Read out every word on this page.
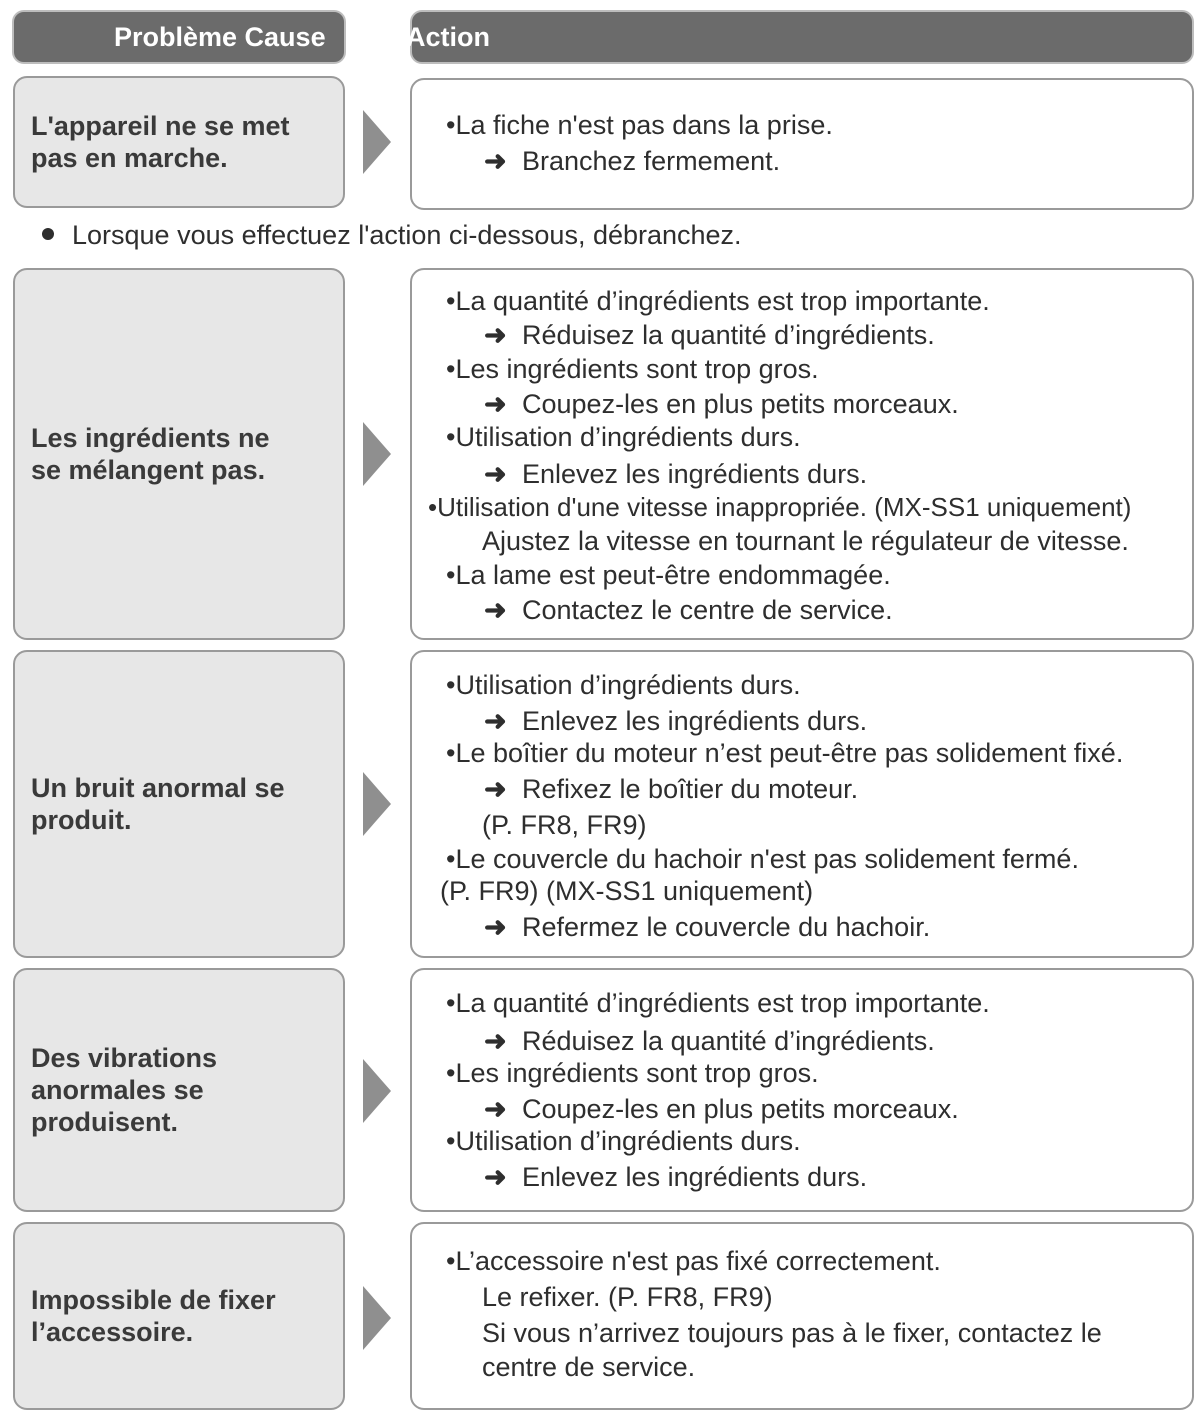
Problème Cause	Action
L'appareil ne se met
pas en marche.
•La fiche n'est pas dans la prise.
➜ Branchez fermement.
Lorsque vous effectuez l'action ci-dessous, débranchez.
Les ingrédients ne
se mélangent pas.
•La quantité d’ingrédients est trop importante.
➜ Réduisez la quantité d’ingrédients.
•Les ingrédients sont trop gros.
➜ Coupez-les en plus petits morceaux.
•Utilisation d’ingrédients durs.
➜ Enlevez les ingrédients durs.
•Utilisation d'une vitesse inappropriée. (MX-SS1 uniquement)
Ajustez la vitesse en tournant le régulateur de vitesse.
•La lame est peut-être endommagée.
➜ Contactez le centre de service.
Un bruit anormal se
produit.
•Utilisation d’ingrédients durs.
➜ Enlevez les ingrédients durs.
•Le boîtier du moteur n’est peut-être pas solidement fixé.
➜ Refixez le boîtier du moteur.
(P. FR8, FR9)
•Le couvercle du hachoir n'est pas solidement fermé.
(P. FR9) (MX-SS1 uniquement)
➜ Refermez le couvercle du hachoir.
Des vibrations
anormales se
produisent.
•La quantité d’ingrédients est trop importante.
➜ Réduisez la quantité d’ingrédients.
•Les ingrédients sont trop gros.
➜ Coupez-les en plus petits morceaux.
•Utilisation d’ingrédients durs.
➜ Enlevez les ingrédients durs.
Impossible de fixer
l’accessoire.
•L’accessoire n'est pas fixé correctement.
Le refixer. (P. FR8, FR9)
Si vous n’arrivez toujours pas à le fixer, contactez le
centre de service.
